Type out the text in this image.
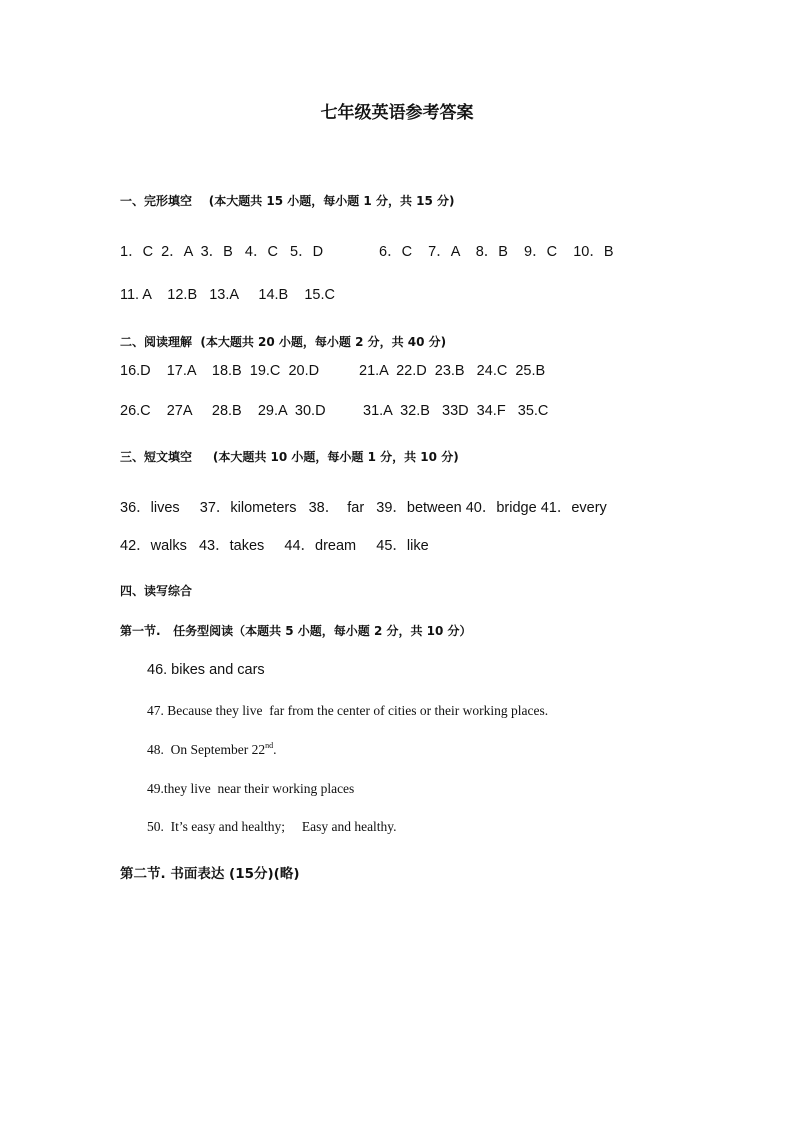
七年级英语参考答案
一、完形填空    (本大题共 15 小题，每小题 1 分，共 15 分)
1．C  2．A  3．B   4．C   5．D	6．C    7．A    8．B    9．C    10．B
11. A    12.B   13.A     14.B    15.C
二、阅读理解  (本大题共 20 小题，每小题 2 分，共 40 分)
16.D    17.A    18.B  19.C  20.D	21.A  22.D  23.B   24.C  25.B
26.C    27A     28.B    29.A  30.D	31.A  32.B   33D  34.F   35.C
三、短文填空     (本大题共 10 小题，每小题 1 分，共 10 分)
36．lives     37．kilometers   38．  far   39．between 40．bridge 41．every
42．walks   43．takes     44．dream     45．like
四、读写综合
第一节.   任务型阅读（本题共 5 小题，每小题 2 分，共 10 分）
46. bikes and cars
47. Because they live  far from the center of cities or their working places.
48.  On September 22nd.
49.they live  near their working places
50.  It’s easy and healthy;     Easy and healthy.
第二节. 书面表达 (15分)(略)
